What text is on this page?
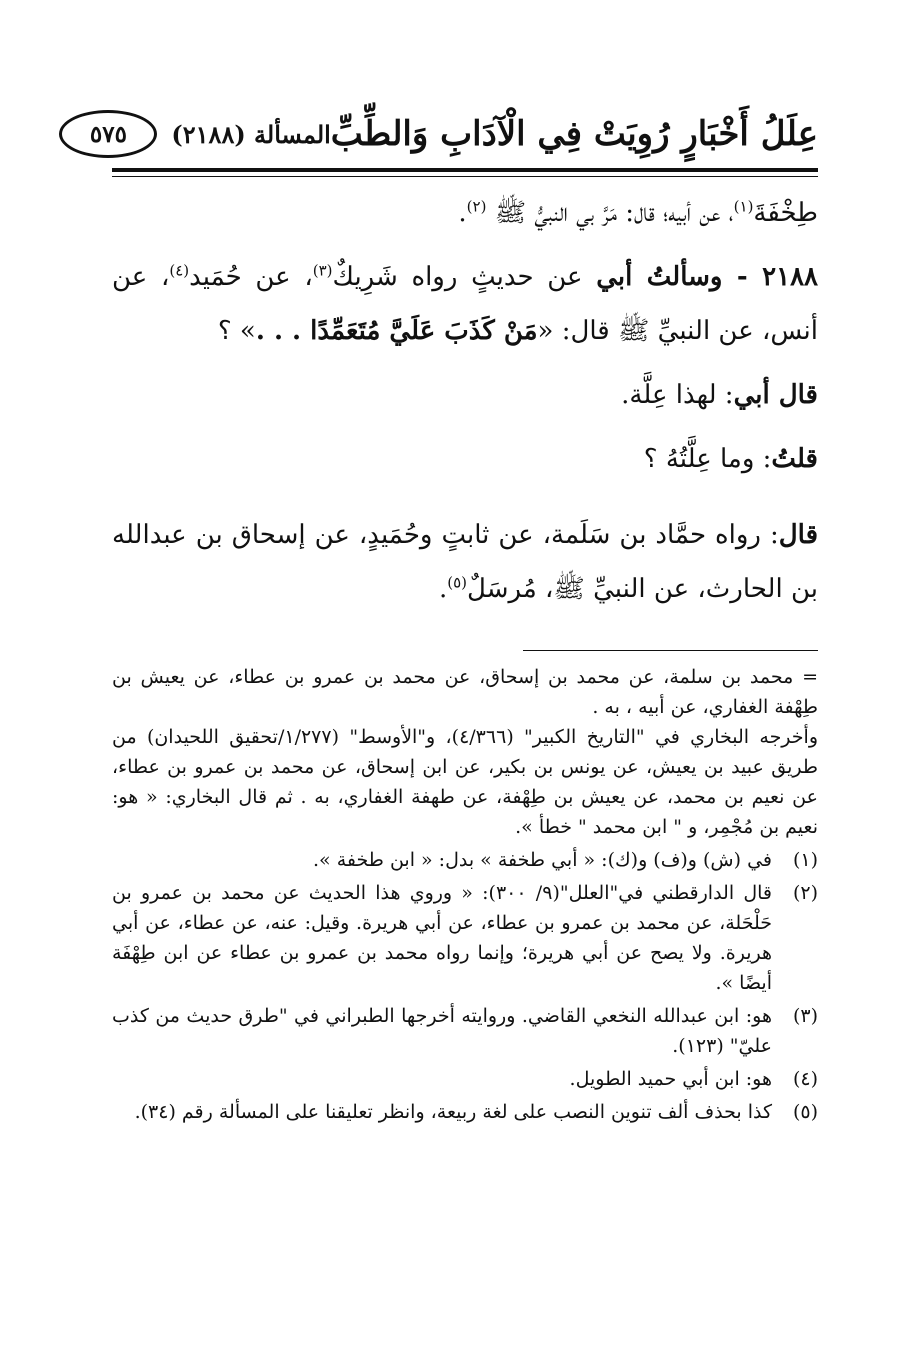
عِلَلُ أَخْبَارٍ رُوِيَتْ فِي الْآدَابِ وَالطِّبِّ
المسألة (٢١٨٨)
٥٧٥

طِخْفَةَ$^{(١)}$، عن أبيه؛ قال: مَرَّ بي النبيُّ ﷺ $^{(٢)}$.

٢١٨٨ - وسألتُ أبي عن حديثٍ رواه شَرِيكٌ$^{(٣)}$، عن حُمَيد$^{(٤)}$، عن أنس، عن النبيِّ ﷺ قال: «مَنْ كَذَبَ عَلَيَّ مُتَعَمِّدًا . . .» ؟

قال أبي: لهذا عِلَّة.

قلتُ: وما عِلَّتُهُ ؟

قال: رواه حمَّاد بن سَلَمة، عن ثابتٍ وحُمَيدٍ، عن إسحاق بن عبدالله بن الحارث، عن النبيِّ ﷺ، مُرسَلٌ$^{(٥)}$.

= محمد بن سلمة، عن محمد بن إسحاق، عن محمد بن عمرو بن عطاء، عن يعيش بن طِهْفة الغفاري، عن أبيه ، به .

وأخرجه البخاري في "التاريخ الكبير" (٤/٣٦٦)، و"الأوسط" (١/٢٧٧/تحقيق اللحيدان) من طريق عبيد بن يعيش، عن يونس بن بكير، عن ابن إسحاق، عن محمد بن عمرو بن عطاء، عن نعيم بن محمد، عن يعيش بن طِهْفة، عن طهفة الغفاري، به . ثم قال البخاري: « هو: نعيم بن مُجْمِر، و " ابن محمد " خطأ ».

(١)
في (ش) و(ف) و(ك): « أبي طخفة » بدل: « ابن طخفة ».

(٢)
قال الدارقطني في"العلل"(٩/ ٣٠٠): « وروي هذا الحديث عن محمد بن عمرو بن حَلْحَلة، عن محمد بن عمرو بن عطاء، عن أبي هريرة. وقيل: عنه، عن عطاء، عن أبي هريرة. ولا يصح عن أبي هريرة؛ وإنما رواه محمد بن عمرو بن عطاء عن ابن طِهْفَة أيضًا ».

(٣)
هو: ابن عبدالله النخعي القاضي. وروايته أخرجها الطبراني في "طرق حديث من كذب عليّ" (١٢٣).

(٤)
هو: ابن أبي حميد الطويل.

(٥)
كذا بحذف ألف تنوين النصب على لغة ربيعة، وانظر تعليقنا على المسألة رقم (٣٤).
